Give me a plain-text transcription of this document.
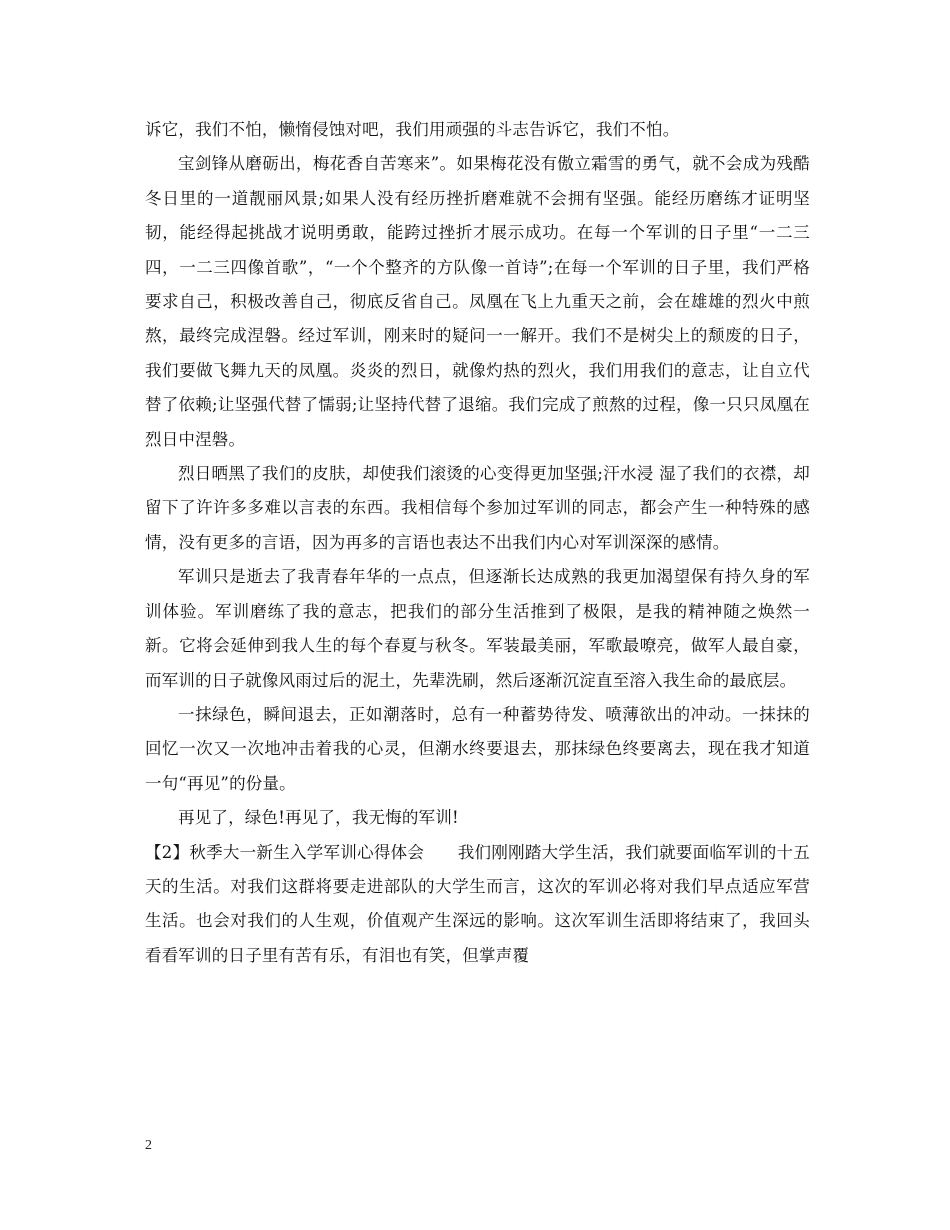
诉它，我们不怕，懒惰侵蚀对吧，我们用顽强的斗志告诉它，我们不怕。

宝剑锋从磨砺出，梅花香自苦寒来”。如果梅花没有傲立霜雪的勇气，就不会成为残酷冬日里的一道靓丽风景;如果人没有经历挫折磨难就不会拥有坚强。能经历磨练才证明坚韧，能经得起挑战才说明勇敢，能跨过挫折才展示成功。在每一个军训的日子里“一二三四，一二三四像首歌”，“一个个整齐的方队像一首诗”;在每一个军训的日子里，我们严格要求自己，积极改善自己，彻底反省自己。凤凰在飞上九重天之前，会在雄雄的烈火中煎熬，最终完成涅磐。经过军训，刚来时的疑问一一解开。我们不是树尖上的颓废的日子，我们要做飞舞九天的凤凰。炎炎的烈日，就像灼热的烈火，我们用我们的意志，让自立代替了依赖;让坚强代替了懦弱;让坚持代替了退缩。我们完成了煎熬的过程，像一只只凤凰在烈日中涅磐。

烈日晒黑了我们的皮肤，却使我们滚烫的心变得更加坚强;汗水浸 湿了我们的衣襟，却留下了许许多多难以言表的东西。我相信每个参加过军训的同志，都会产生一种特殊的感情，没有更多的言语，因为再多的言语也表达不出我们内心对军训深深的感情。

军训只是逝去了我青春年华的一点点，但逐渐长达成熟的我更加渴望保有持久身的军训体验。军训磨练了我的意志，把我们的部分生活推到了极限，是我的精神随之焕然一新。它将会延伸到我人生的每个春夏与秋冬。军装最美丽，军歌最嘹亮，做军人最自豪，而军训的日子就像风雨过后的泥土，先辈洗刷，然后逐渐沉淀直至溶入我生命的最底层。

一抹绿色，瞬间退去，正如潮落时，总有一种蓄势待发、喷薄欲出的冲动。一抹抹的回忆一次又一次地冲击着我的心灵，但潮水终要退去，那抹绿色终要离去，现在我才知道一句“再见”的份量。

再见了，绿色!再见了，我无悔的军训!

【2】秋季大一新生入学军训心得体会　　我们刚刚踏大学生活，我们就要面临军训的十五天的生活。对我们这群将要走进部队的大学生而言，这次的军训必将对我们早点适应军营生活。也会对我们的人生观，价值观产生深远的影响。这次军训生活即将结束了，我回头看看军训的日子里有苦有乐，有泪也有笑，但掌声覆

2
